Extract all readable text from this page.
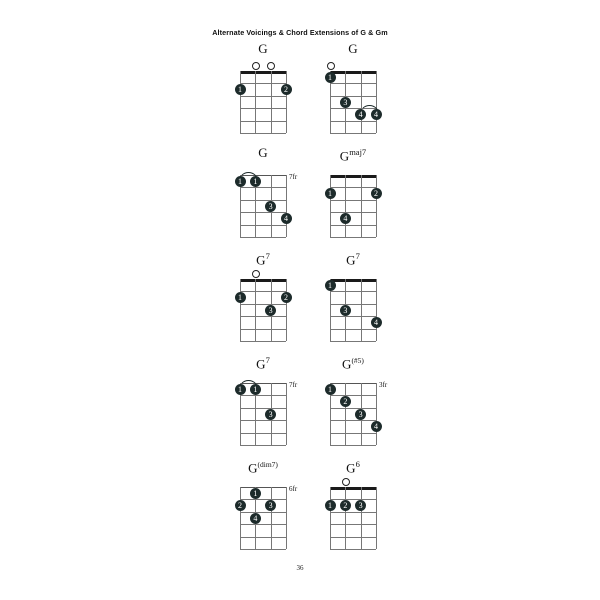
Alternate Voicings & Chord Extensions of G & Gm
G
1	2
G
1
3
4	4
G
7fr
1	1
3
4
$G^{maj7}$
1	2
4
$G^7$
1	2
3
$G^7$
1
3
4
$G^7$
7fr
1	1
3
$G^{(\#5)}$
3fr
1
2
3
4
$G^{(dim7)}$
6fr
1
2	3
4
$G^6$
1	2	3
36
